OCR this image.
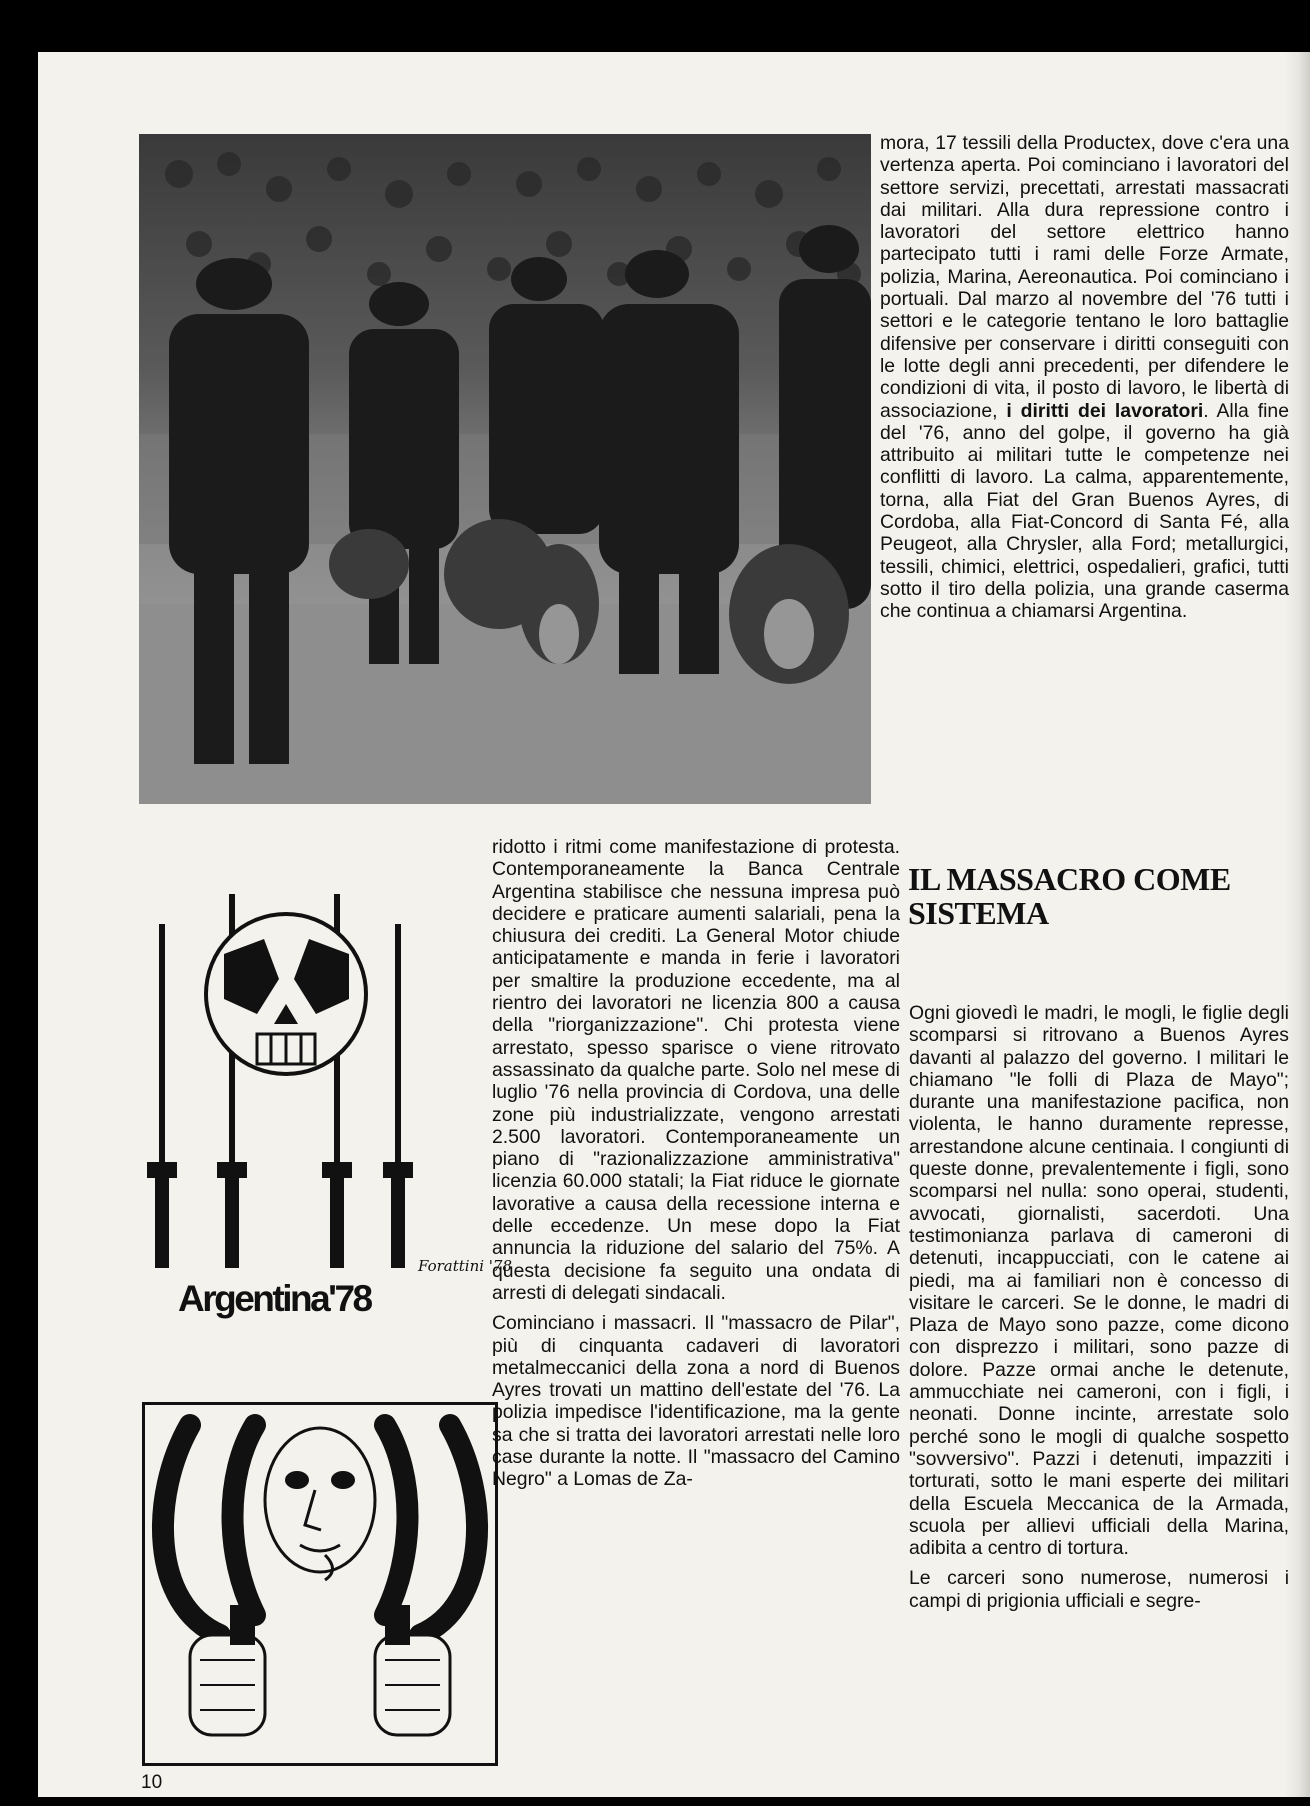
mora, 17 tessili della Productex, dove c'era una vertenza aperta. Poi cominciano i lavoratori del settore servizi, precettati, arrestati massacrati dai militari. Alla dura repressione contro i lavoratori del settore elettrico hanno partecipato tutti i rami delle Forze Armate, polizia, Marina, Aereonautica. Poi cominciano i portuali. Dal marzo al novembre del '76 tutti i settori e le categorie tentano le loro battaglie difensive per conservare i diritti conseguiti con le lotte degli anni precedenti, per difendere le condizioni di vita, il posto di lavoro, le libertà di associazione, i diritti dei lavoratori. Alla fine del '76, anno del golpe, il governo ha già attribuito ai militari tutte le competenze nei conflitti di lavoro. La calma, apparentemente, torna, alla Fiat del Gran Buenos Ayres, di Cordoba, alla Fiat-Concord di Santa Fé, alla Peugeot, alla Chrysler, alla Ford; metallurgici, tessili, chimici, elettrici, ospedalieri, grafici, tutti sotto il tiro della polizia, una grande caserma che continua a chiamarsi Argentina.

IL MASSACRO COME SISTEMA
Forattini '78
Argentina'78

ridotto i ritmi come manifestazione di protesta. Contemporaneamente la Banca Centrale Argentina stabilisce che nessuna impresa può decidere e praticare aumenti salariali, pena la chiusura dei crediti. La General Motor chiude anticipatamente e manda in ferie i lavoratori per smaltire la produzione eccedente, ma al rientro dei lavoratori ne licenzia 800 a causa della "riorganizzazione". Chi protesta viene arrestato, spesso sparisce o viene ritrovato assassinato da qualche parte. Solo nel mese di luglio '76 nella provincia di Cordova, una delle zone più industrializzate, vengono arrestati 2.500 lavoratori. Contemporaneamente un piano di "razionalizzazione amministrativa" licenzia 60.000 statali; la Fiat riduce le giornate lavorative a causa della recessione interna e delle eccedenze. Un mese dopo la Fiat annuncia la riduzione del salario del 75%. A questa decisione fa seguito una ondata di arresti di delegati sindacali.

Cominciano i massacri. Il "massacro de Pilar", più di cinquanta cadaveri di lavoratori metalmeccanici della zona a nord di Buenos Ayres trovati un mattino dell'estate del '76. La polizia impedisce l'identificazione, ma la gente sa che si tratta dei lavoratori arrestati nelle loro case durante la notte. Il "massacro del Camino Negro" a Lomas de Za-

Ogni giovedì le madri, le mogli, le figlie degli scomparsi si ritrovano a Buenos Ayres davanti al palazzo del governo. I militari le chiamano "le folli di Plaza de Mayo"; durante una manifestazione pacifica, non violenta, le hanno duramente represse, arrestandone alcune centinaia. I congiunti di queste donne, prevalentemente i figli, sono scomparsi nel nulla: sono operai, studenti, avvocati, giornalisti, sacerdoti. Una testimonianza parlava di cameroni di detenuti, incappucciati, con le catene ai piedi, ma ai familiari non è concesso di visitare le carceri. Se le donne, le madri di Plaza de Mayo sono pazze, come dicono con disprezzo i militari, sono pazze di dolore. Pazze ormai anche le detenute, ammucchiate nei cameroni, con i figli, i neonati. Donne incinte, arrestate solo perché sono le mogli di qualche sospetto "sovversivo". Pazzi i detenuti, impazziti i torturati, sotto le mani esperte dei militari della Escuela Meccanica de la Armada, scuola per allievi ufficiali della Marina, adibita a centro di tortura.

Le carceri sono numerose, numerosi i campi di prigionia ufficiali e segre-

10
